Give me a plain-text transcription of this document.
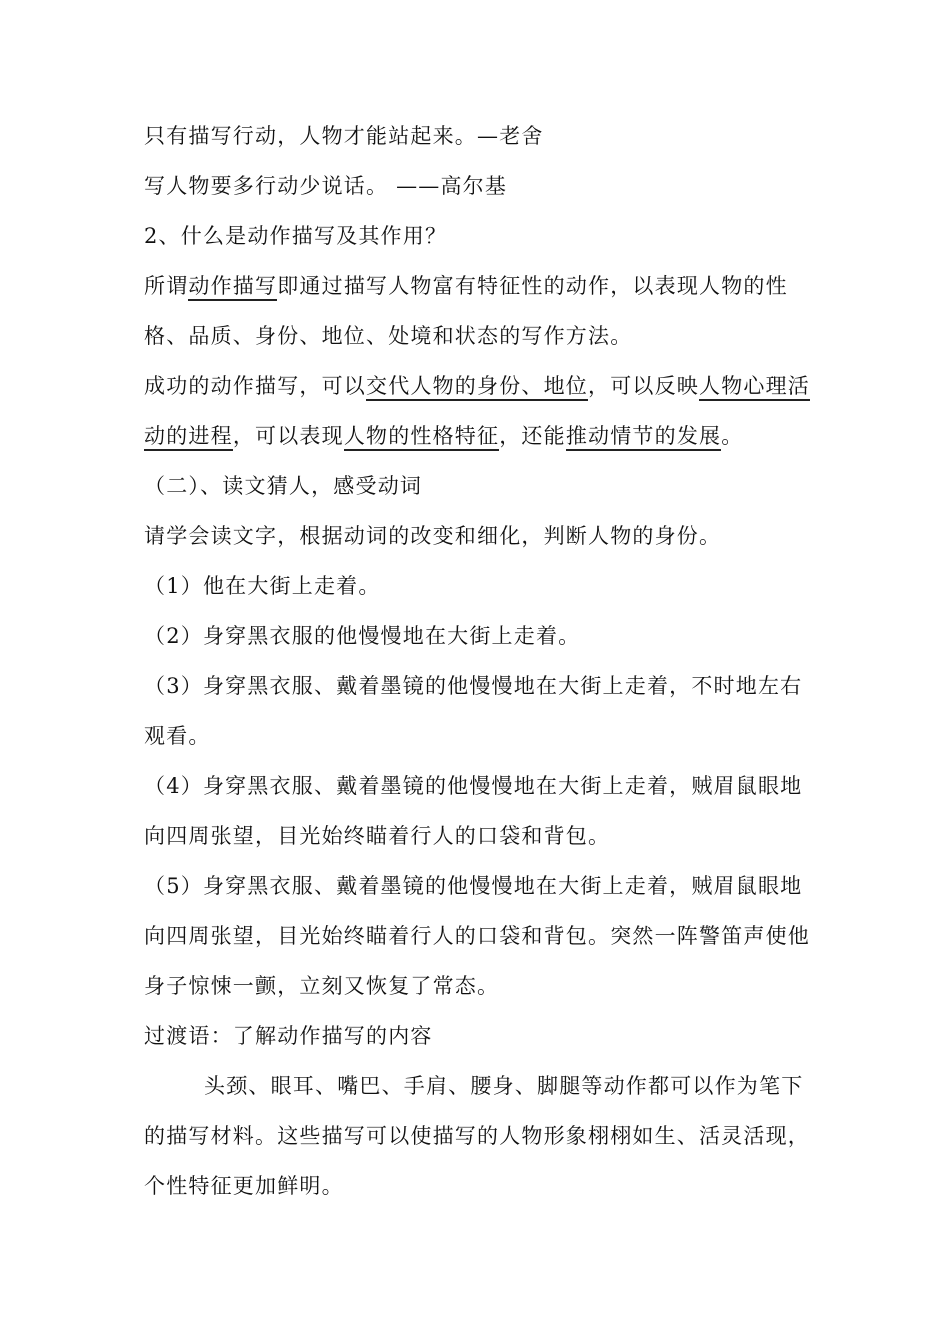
只有描写行动，人物才能站起来。—老舍
写人物要多行动少说话。 ——高尔基
2、什么是动作描写及其作用？
所谓动作描写即通过描写人物富有特征性的动作，以表现人物的性
格、品质、身份、地位、处境和状态的写作方法。
成功的动作描写，可以交代人物的身份、地位，可以反映人物心理活
动的进程，可以表现人物的性格特征，还能推动情节的发展。
（二）、读文猜人，感受动词
请学会读文字，根据动词的改变和细化，判断人物的身份。
（1）他在大街上走着。
（2）身穿黑衣服的他慢慢地在大街上走着。
（3）身穿黑衣服、戴着墨镜的他慢慢地在大街上走着，不时地左右
观看。
（4）身穿黑衣服、戴着墨镜的他慢慢地在大街上走着，贼眉鼠眼地
向四周张望，目光始终瞄着行人的口袋和背包。
（5）身穿黑衣服、戴着墨镜的他慢慢地在大街上走着，贼眉鼠眼地
向四周张望，目光始终瞄着行人的口袋和背包。突然一阵警笛声使他
身子惊悚一颤，立刻又恢复了常态。
过渡语：了解动作描写的内容
头颈、眼耳、嘴巴、手肩、腰身、脚腿等动作都可以作为笔下
的描写材料。这些描写可以使描写的人物形象栩栩如生、活灵活现，
个性特征更加鲜明。
